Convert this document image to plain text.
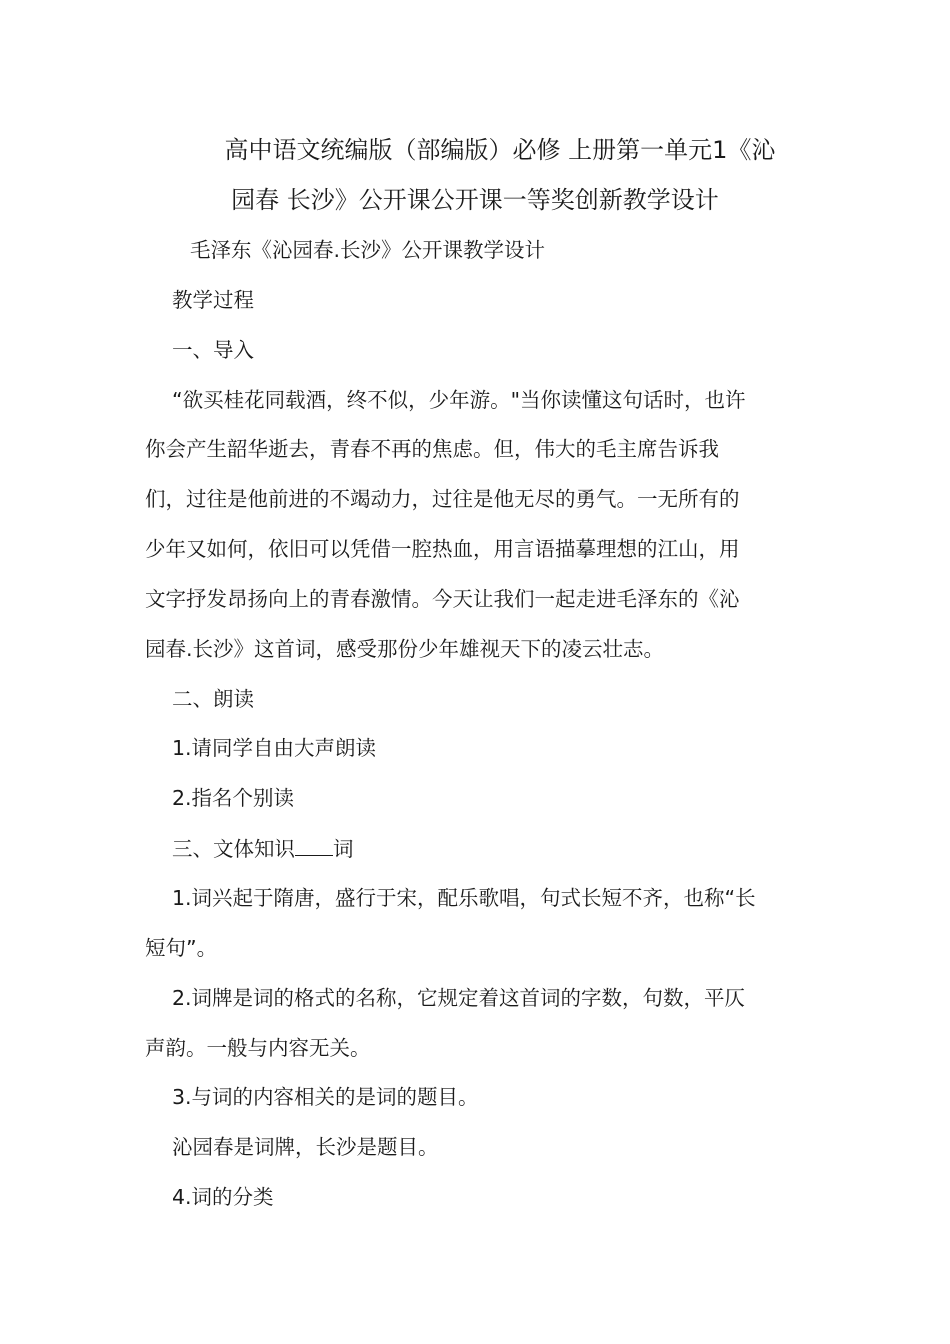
高中语文统编版（部编版）必修 上册第一单元1《沁
园春 长沙》公开课公开课一等奖创新教学设计

毛泽东《沁园春.长沙》公开课教学设计

教学过程

一、导入

“欲买桂花同载酒，终不似，少年游。"当你读懂这句话时，也许

你会产生韶华逝去，青春不再的焦虑。但，伟大的毛主席告诉我

们，过往是他前进的不竭动力，过往是他无尽的勇气。一无所有的

少年又如何，依旧可以凭借一腔热血，用言语描摹理想的江山，用

文字抒发昂扬向上的青春激情。今天让我们一起走进毛泽东的《沁

园春.长沙》这首词，感受那份少年雄视天下的凌云壮志。

二、朗读

1.请同学自由大声朗读

2.指名个别读

三、文体知识 词

1.词兴起于隋唐，盛行于宋，配乐歌唱，句式长短不齐，也称“长

短句”。

2.词牌是词的格式的名称，它规定着这首词的字数，句数，平仄

声韵。一般与内容无关。

3.与词的内容相关的是词的题目。

沁园春是词牌，长沙是题目。

4.词的分类
